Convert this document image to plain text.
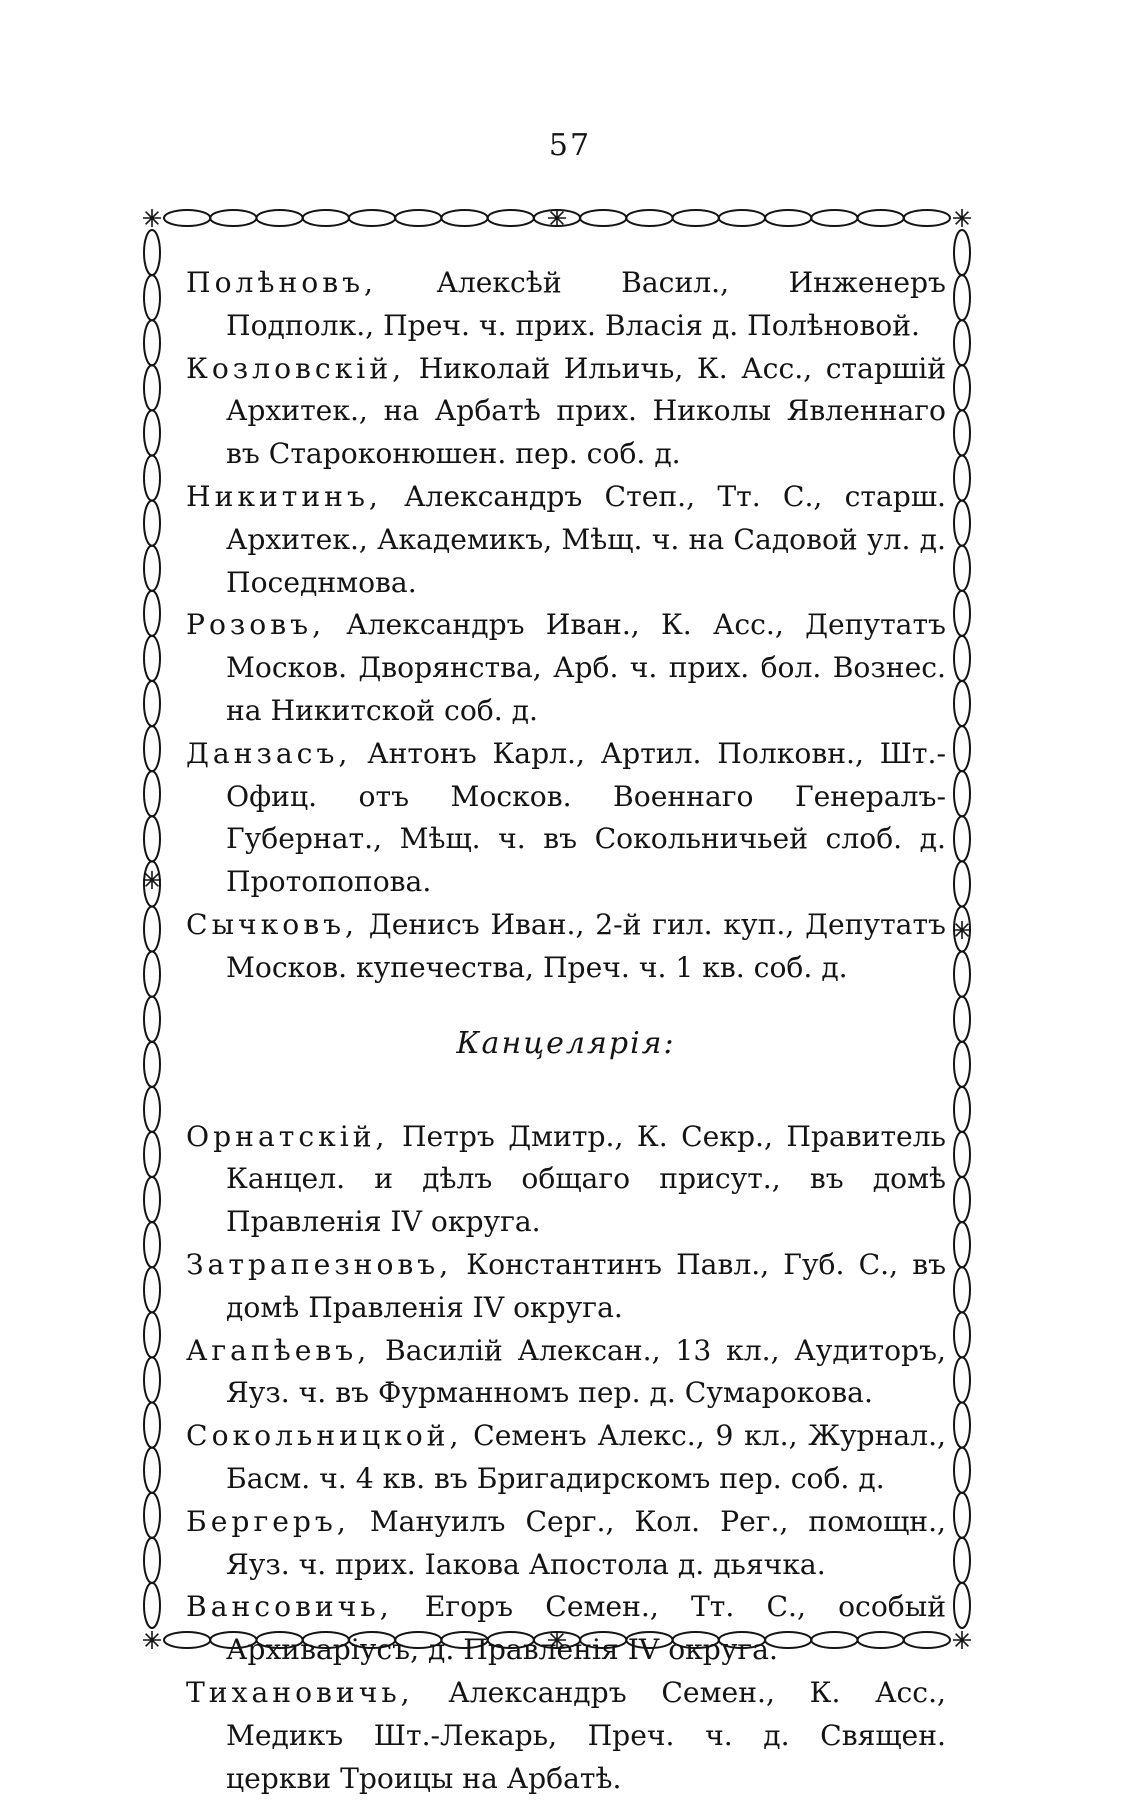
57
Полѣновъ, Алексѣй Васил., Инженеръ Подполк., Преч. ч. прих. Власія д. Полѣновой.
Козловскій, Николай Ильичь, К. Асс., старшій Архитек., на Арбатѣ прих. Николы Явленнаго въ Староконюшен. пер. соб. д.
Никитинъ, Александръ Степ., Тт. С., старш. Архитек., Академикъ, Мѣщ. ч. на Садовой ул. д. Поседнмова.
Розовъ, Александръ Иван., К. Асс., Депутатъ Москов. Дворянства, Арб. ч. прих. бол. Вознес. на Никитской соб. д.
Данзасъ, Антонъ Карл., Артил. Полковн., Шт.-Офиц. отъ Москов. Военнаго Генералъ-Губернат., Мѣщ. ч. въ Сокольничьей слоб. д. Протопопова.
Сычковъ, Денисъ Иван., 2-й гил. куп., Депутатъ Москов. купечества, Преч. ч. 1 кв. соб. д.
Канцелярія:
Орнатскій, Петръ Дмитр., К. Секр., Правитель Канцел. и дѣлъ общаго присут., въ домѣ Правленія IV округа.
Затрапезновъ, Константинъ Павл., Губ. С., въ домѣ Правленія IV округа.
Агапѣевъ, Василій Алексан., 13 кл., Аудиторъ, Яуз. ч. въ Фурманномъ пер. д. Сумарокова.
Сокольницкой, Семенъ Алекс., 9 кл., Журнал., Басм. ч. 4 кв. въ Бригадирскомъ пер. соб. д.
Бергеръ, Мануилъ Серг., Кол. Рег., помощн., Яуз. ч. прих. Іакова Апостола д. дьячка.
Вансовичь, Егоръ Семен., Тт. С., особый Архиваріусъ, д. Правленія IV округа.
Тихановичь, Александръ Семен., К. Асс., Медикъ Шт.-Лекарь, Преч. ч. д. Священ. церкви Троицы на Арбатѣ.
